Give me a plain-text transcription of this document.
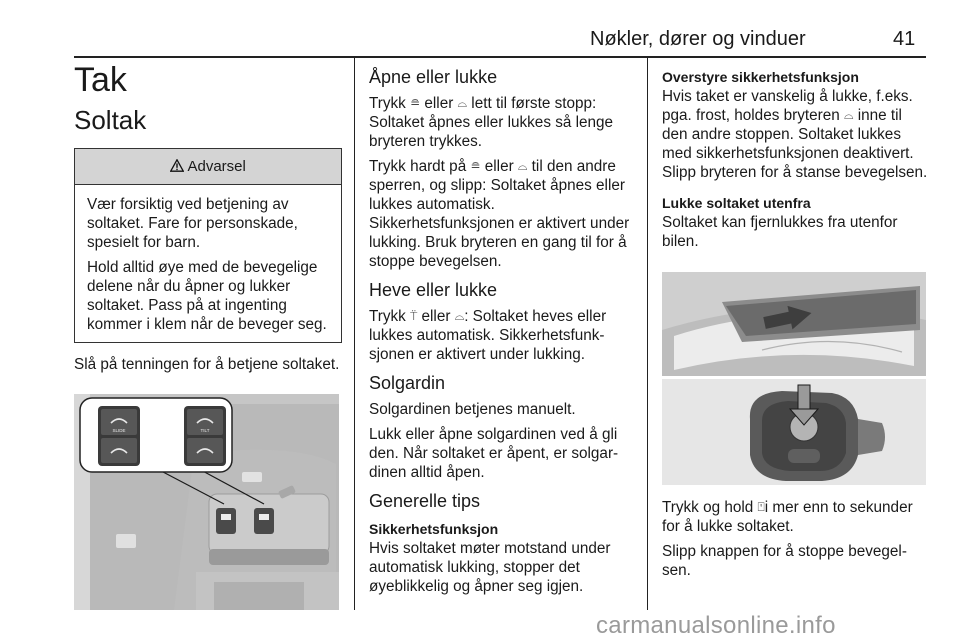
Nøkler, dører og vinduer	41
Tak
Soltak
Advarsel

Vær forsiktig ved betjening av soltaket. Fare for personskade, spesielt for barn.

Hold alltid øye med de bevegelige delene når du åpner og lukker soltaket. Pass på at ingenting kommer i klem når de beveger seg.

Slå på tenningen for å betjene soltaket.

SLIDE	TILT
Åpne eller lukke

Trykk ≘ eller ⌓ lett til første stopp: Soltaket åpnes eller lukkes så lenge bryteren trykkes.

Trykk hardt på ≘ eller ⌓ til den andre sperren, og slipp: Soltaket åpnes eller lukkes automatisk. Sikkerhetsfunksjonen er aktivert under lukking. Bruk bryteren en gang til for å stoppe bevegelsen.

Heve eller lukke

Trykk ⍡ eller ⌓: Soltaket heves eller lukkes automatisk. Sikkerhetsfunksjonen er aktivert under lukking.

Solgardin

Solgardinen betjenes manuelt.

Lukk eller åpne solgardinen ved å gli den. Når soltaket er åpent, er solgardinen alltid åpen.

Generelle tips
Sikkerhetsfunksjon

Hvis soltaket møter motstand under automatisk lukking, stopper det øyeblikkelig og åpner seg igjen.

Overstyre sikkerhetsfunksjon

Hvis taket er vanskelig å lukke, f.eks. pga. frost, holdes bryteren ⌓ inne til den andre stoppen. Soltaket lukkes med sikkerhetsfunksjonen deaktivert. Slipp bryteren for å stanse bevegelsen.

Lukke soltaket utenfra

Soltaket kan fjernlukkes fra utenfor bilen.

Trykk og hold ⍞i mer enn to sekunder for å lukke soltaket.

Slipp knappen for å stoppe bevegelsen.

carmanualsonline.info
